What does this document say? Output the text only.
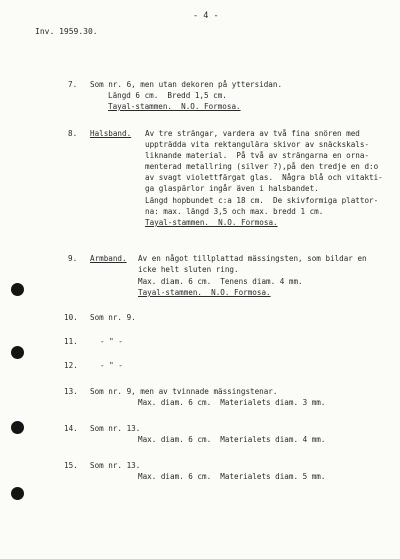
Inv. 1959.30.
- 4 -
7. Som nr. 6, men utan dekoren på yttersidan.
Längd 6 cm.  Bredd 1,5 cm.
Tayal-stammen.  N.O. Formosa.
8. Halsband. Av tre strängar, vardera av två fina snören med
uppträdda vita rektangulära skivor av snäckskals-
liknande material.  På två av strängarna en orna-
menterad metallring (silver ?),på den tredje en d:o
av svagt violettfärgat glas.  Några blå och vitakti-
ga glaspärlor ingår även i halsbandet.
Längd hopbundet c:a 18 cm.  De skivformiga plattor-
na: max. längd 3,5 och max. bredd 1 cm.
Tayal-stammen.  N.O. Formosa.
9. Armband. Av en något tillplattad mässingsten, som bildar en
icke helt sluten ring.
Max. diam. 6 cm.  Tenens diam. 4 mm.
Tayal-stammen.  N.O. Formosa.
10. Som nr. 9.
11.	- " -
12.	- " -
13. Som nr. 9, men av tvinnade mässingstenar.
Max. diam. 6 cm.  Materialets diam. 3 mm.
14. Som nr. 13.
Max. diam. 6 cm.  Materialets diam. 4 mm.
15. Som nr. 13.
Max. diam. 6 cm.  Materialets diam. 5 mm.
